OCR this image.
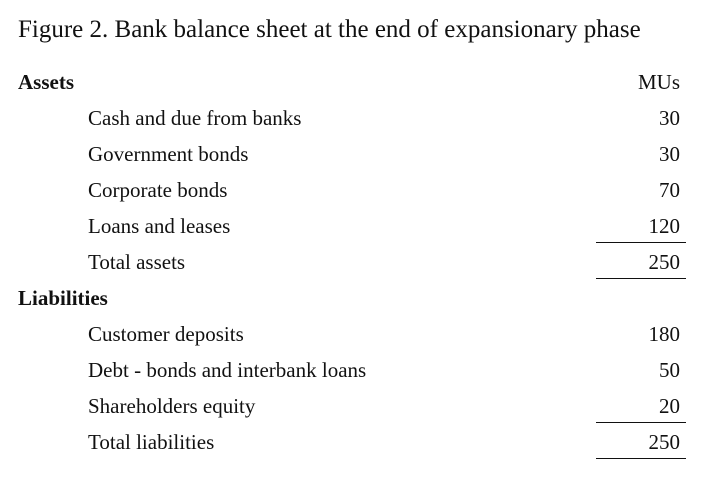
Figure 2. Bank balance sheet at the end of expansionary phase
Assets	MUs
Cash and due from banks	30
Government bonds	30
Corporate bonds	70
Loans and leases	120
Total assets	250
Liabilities
Customer deposits	180
Debt - bonds and interbank loans	50
Shareholders equity	20
Total liabilities	250
